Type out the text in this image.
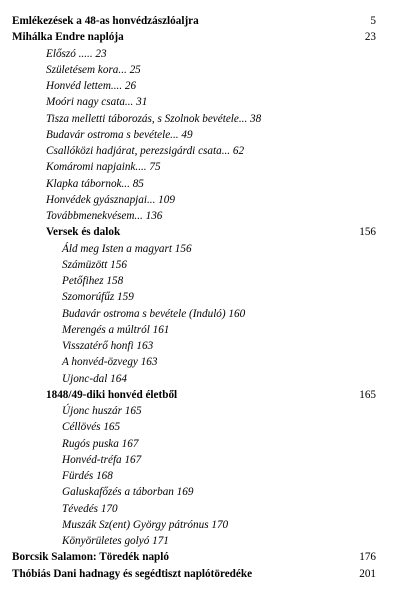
Emlékezések a 48-as honvédzászlóaljra	5
Mihálka Endre naplója	23
Előszó ..... 23
Születésem kora... 25
Honvéd lettem.... 26
Moóri nagy csata... 31
Tisza melletti táborozás, s Szolnok bevétele... 38
Budavár ostroma s bevétele... 49
Csallóközi hadjárat, perezsigárdi csata... 62
Komáromi napjaink.... 75
Klapka tábornok... 85
Honvédek gyásznapjai... 109
Továbbmenekvésem... 136
Versek és dalok	156
Áld meg Isten a magyart 156
Számüzött 156
Petőfihez 158
Szomorúfűz 159
Budavár ostroma s bevétele (Induló) 160
Merengés a múltról 161
Visszatérő honfi 163
A honvéd-özvegy 163
Ujonc-dal 164
1848/49-diki honvéd életből	165
Újonc huszár 165
Céllövés 165
Rugós puska 167
Honvéd-tréfa 167
Fürdés 168
Galuskafőzés a táborban 169
Tévedés 170
Muszák Sz(ent) György pátrónus 170
Könyörületes golyó 171
Borcsik Salamon: Töredék napló	176
Thóbiás Dani hadnagy és segédtiszt naplótöredéke	201
